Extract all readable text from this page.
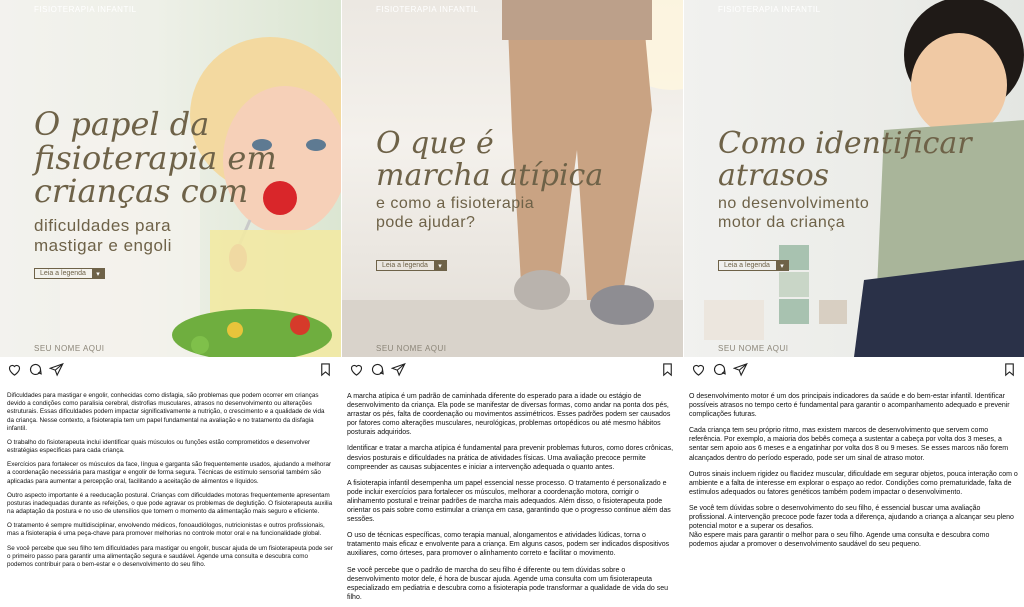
FISIOTERAPIA INFANTIL
O papel da
fisioterapia em
crianças com
dificuldades para
mastigar e engoli
Leia a legenda	▾
SEU NOME AQUI

Dificuldades para mastigar e engolir, conhecidas como disfagia, são problemas que podem ocorrer em crianças devido a condições como paralisia cerebral, distrofias musculares, atrasos no desenvolvimento ou alterações estruturais. Essas dificuldades podem impactar significativamente a nutrição, o crescimento e a qualidade de vida da criança. Nesse contexto, a fisioterapia tem um papel fundamental na avaliação e no tratamento da disfagia infantil.

O trabalho do fisioterapeuta inclui identificar quais músculos ou funções estão comprometidos e desenvolver estratégias específicas para cada criança.

Exercícios para fortalecer os músculos da face, língua e garganta são frequentemente usados, ajudando a melhorar a coordenação necessária para mastigar e engolir de forma segura. Técnicas de estímulo sensorial também são aplicadas para aumentar a percepção oral, facilitando a aceitação de alimentos e líquidos.

Outro aspecto importante é a reeducação postural. Crianças com dificuldades motoras frequentemente apresentam posturas inadequadas durante as refeições, o que pode agravar os problemas de deglutição. O fisioterapeuta auxilia na adaptação da postura e no uso de utensílios que tornem o momento da alimentação mais seguro e eficiente.

O tratamento é sempre multidisciplinar, envolvendo médicos, fonoaudiólogos, nutricionistas e outros profissionais, mas a fisioterapia é uma peça-chave para promover melhorias no controle motor oral e na funcionalidade global.

Se você percebe que seu filho tem dificuldades para mastigar ou engolir, buscar ajuda de um fisioterapeuta pode ser o primeiro passo para garantir uma alimentação segura e saudável. Agende uma consulta e descubra como podemos contribuir para o bem-estar e o desenvolvimento do seu filho.

FISIOTERAPIA INFANTIL
O que é
marcha atípica
e como a fisioterapia
pode ajudar?
Leia a legenda	▾
SEU NOME AQUI

A marcha atípica é um padrão de caminhada diferente do esperado para a idade ou estágio de desenvolvimento da criança. Ela pode se manifestar de diversas formas, como andar na ponta dos pés, arrastar os pés, falta de coordenação ou movimentos assimétricos. Esses padrões podem ser causados por fatores como alterações musculares, neurológicas, problemas ortopédicos ou até mesmo hábitos posturais adquiridos.

Identificar e tratar a marcha atípica é fundamental para prevenir problemas futuros, como dores crônicas, desvios posturais e dificuldades na prática de atividades físicas. Uma avaliação precoce permite compreender as causas subjacentes e iniciar a intervenção adequada o quanto antes.

A fisioterapia infantil desempenha um papel essencial nesse processo. O tratamento é personalizado e pode incluir exercícios para fortalecer os músculos, melhorar a coordenação motora, corrigir o alinhamento postural e treinar padrões de marcha mais adequados. Além disso, o fisioterapeuta pode orientar os pais sobre como estimular a criança em casa, garantindo que o progresso continue além das sessões.

O uso de técnicas específicas, como terapia manual, alongamentos e atividades lúdicas, torna o tratamento mais eficaz e envolvente para a criança. Em alguns casos, podem ser indicados dispositivos auxiliares, como órteses, para promover o alinhamento correto e facilitar o movimento.

Se você percebe que o padrão de marcha do seu filho é diferente ou tem dúvidas sobre o desenvolvimento motor dele, é hora de buscar ajuda. Agende uma consulta com um fisioterapeuta especializado em pediatria e descubra como a fisioterapia pode transformar a qualidade de vida do seu filho.

FISIOTERAPIA INFANTIL
Como identificar
atrasos
no desenvolvimento
motor da criança
Leia a legenda	▾
SEU NOME AQUI

O desenvolvimento motor é um dos principais indicadores da saúde e do bem-estar infantil. Identificar possíveis atrasos no tempo certo é fundamental para garantir o acompanhamento adequado e prevenir complicações futuras.

Cada criança tem seu próprio ritmo, mas existem marcos de desenvolvimento que servem como referência. Por exemplo, a maioria dos bebês começa a sustentar a cabeça por volta dos 3 meses, a sentar sem apoio aos 6 meses e a engatinhar por volta dos 8 ou 9 meses. Se esses marcos não forem alcançados dentro do período esperado, pode ser um sinal de atraso motor.

Outros sinais incluem rigidez ou flacidez muscular, dificuldade em segurar objetos, pouca interação com o ambiente e a falta de interesse em explorar o espaço ao redor. Condições como prematuridade, falta de estímulos adequados ou fatores genéticos também podem impactar o desenvolvimento.

Se você tem dúvidas sobre o desenvolvimento do seu filho, é essencial buscar uma avaliação profissional. A intervenção precoce pode fazer toda a diferença, ajudando a criança a alcançar seu pleno potencial motor e a superar os desafios.
Não espere mais para garantir o melhor para o seu filho. Agende uma consulta e descubra como podemos ajudar a promover o desenvolvimento saudável do seu pequeno.
